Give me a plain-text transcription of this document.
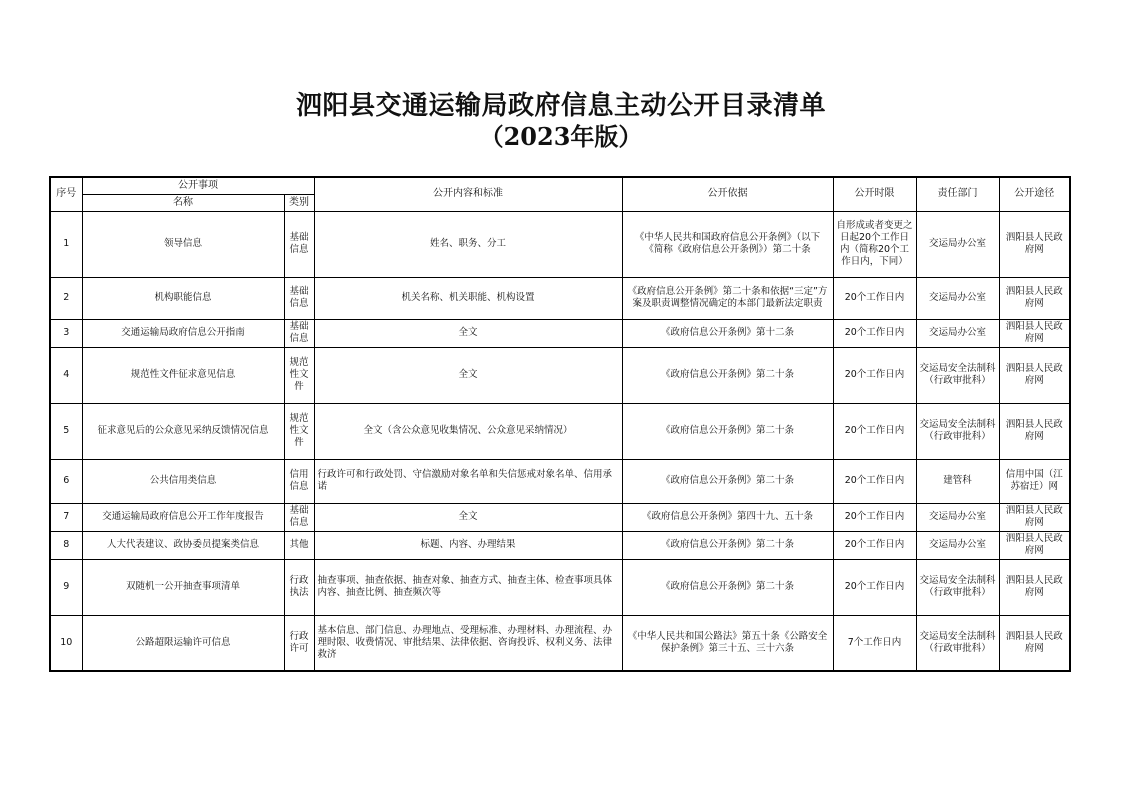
泗阳县交通运输局政府信息主动公开目录清单
（2023年版）
序号	公开事项		公开内容和标准	公开依据	公开时限	责任部门	公开途径
	名称	类别					
1	领导信息	基础信息	姓名、职务、分工	《中华人民共和国政府信息公开条例》（以下《简称《政府信息公开条例》）第二十条	自形成或者变更之日起20个工作日内（简称20个工作日内，下同）	交运局办公室	泗阳县人民政府网
2	机构职能信息	基础信息	机关名称、机关职能、机构设置	《政府信息公开条例》第二十条和依据“三定”方案及职责调整情况确定的本部门最新法定职责	20个工作日内	交运局办公室	泗阳县人民政府网
3	交通运输局政府信息公开指南	基础信息	全文	《政府信息公开条例》第十二条	20个工作日内	交运局办公室	泗阳县人民政府网
4	规范性文件征求意见信息	规范性文件	全文	《政府信息公开条例》第二十条	20个工作日内	交运局安全法制科（行政审批科）	泗阳县人民政府网
5	征求意见后的公众意见采纳反馈情况信息	规范性文件	全文（含公众意见收集情况、公众意见采纳情况）	《政府信息公开条例》第二十条	20个工作日内	交运局安全法制科（行政审批科）	泗阳县人民政府网
6	公共信用类信息	信用信息	行政许可和行政处罚、守信激励对象名单和失信惩戒对象名单、信用承诺	《政府信息公开条例》第二十条	20个工作日内	建管科	信用中国（江苏宿迁）网
7	交通运输局政府信息公开工作年度报告	基础信息	全文	《政府信息公开条例》第四十九、五十条	20个工作日内	交运局办公室	泗阳县人民政府网
8	人大代表建议、政协委员提案类信息	其他	标题、内容、办理结果	《政府信息公开条例》第二十条	20个工作日内	交运局办公室	泗阳县人民政府网
9	双随机一公开抽查事项清单	行政执法	抽查事项、抽查依据、抽查对象、抽查方式、抽查主体、检查事项具体内容、抽查比例、抽查频次等	《政府信息公开条例》第二十条	20个工作日内	交运局安全法制科（行政审批科）	泗阳县人民政府网
10	公路超限运输许可信息	行政许可	基本信息、部门信息、办理地点、受理标准、办理材料、办理流程、办理时限、收费情况、审批结果、法律依据、咨询投诉、权利义务、法律救济	《中华人民共和国公路法》第五十条《公路安全保护条例》第三十五、三十六条	7个工作日内	交运局安全法制科（行政审批科）	泗阳县人民政府网
